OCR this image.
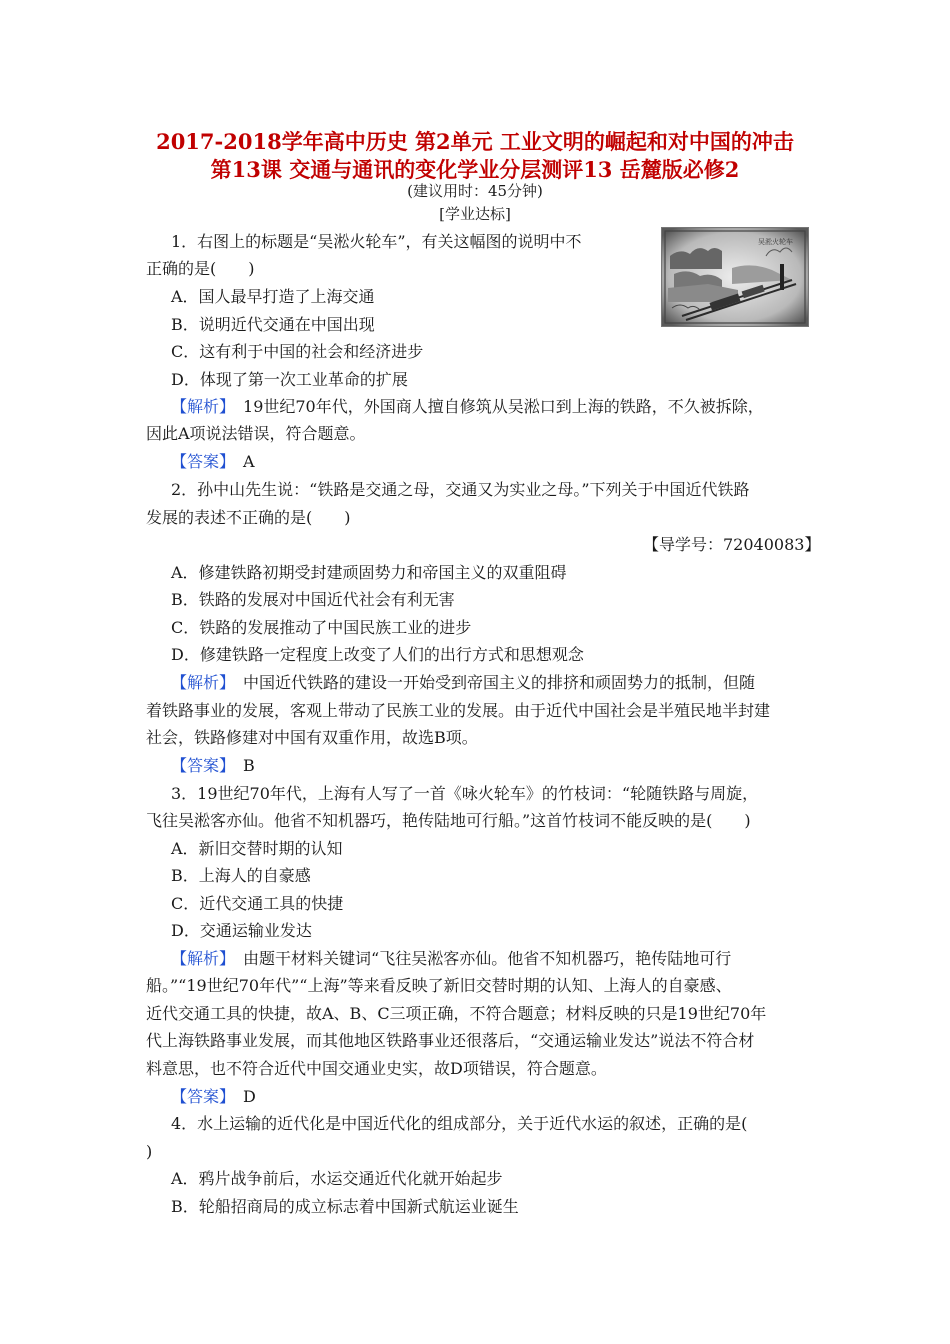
2017-2018学年高中历史 第2单元 工业文明的崛起和对中国的冲击
第13课 交通与通讯的变化学业分层测评13 岳麓版必修2
(建议用时：45分钟)
[学业达标]
吴淞火轮车
1．右图上的标题是“吴淞火轮车”，有关这幅图的说明中不
正确的是(　　)
A．国人最早打造了上海交通
B．说明近代交通在中国出现
C．这有利于中国的社会和经济进步
D．体现了第一次工业革命的扩展
【解析】　19世纪70年代，外国商人擅自修筑从吴淞口到上海的铁路，不久被拆除，
因此A项说法错误，符合题意。
【答案】　A
2．孙中山先生说：“铁路是交通之母，交通又为实业之母。”下列关于中国近代铁路
发展的表述不正确的是(　　)
【导学号：72040083】
A．修建铁路初期受封建顽固势力和帝国主义的双重阻碍
B．铁路的发展对中国近代社会有利无害
C．铁路的发展推动了中国民族工业的进步
D．修建铁路一定程度上改变了人们的出行方式和思想观念
【解析】　中国近代铁路的建设一开始受到帝国主义的排挤和顽固势力的抵制，但随
着铁路事业的发展，客观上带动了民族工业的发展。由于近代中国社会是半殖民地半封建
社会，铁路修建对中国有双重作用，故选B项。
【答案】　B
3．19世纪70年代，上海有人写了一首《咏火轮车》的竹枝词：“轮随铁路与周旋，
飞往吴淞客亦仙。他省不知机器巧，艳传陆地可行船。”这首竹枝词不能反映的是(　　)
A．新旧交替时期的认知
B．上海人的自豪感
C．近代交通工具的快捷
D．交通运输业发达
【解析】　由题干材料关键词“飞往吴淞客亦仙。他省不知机器巧，艳传陆地可行
船。”“19世纪70年代”“上海”等来看反映了新旧交替时期的认知、上海人的自豪感、
近代交通工具的快捷，故A、B、C三项正确，不符合题意；材料反映的只是19世纪70年
代上海铁路事业发展，而其他地区铁路事业还很落后，“交通运输业发达”说法不符合材
料意思，也不符合近代中国交通业史实，故D项错误，符合题意。
【答案】　D
4．水上运输的近代化是中国近代化的组成部分，关于近代水运的叙述，正确的是(
)
A．鸦片战争前后，水运交通近代化就开始起步
B．轮船招商局的成立标志着中国新式航运业诞生
